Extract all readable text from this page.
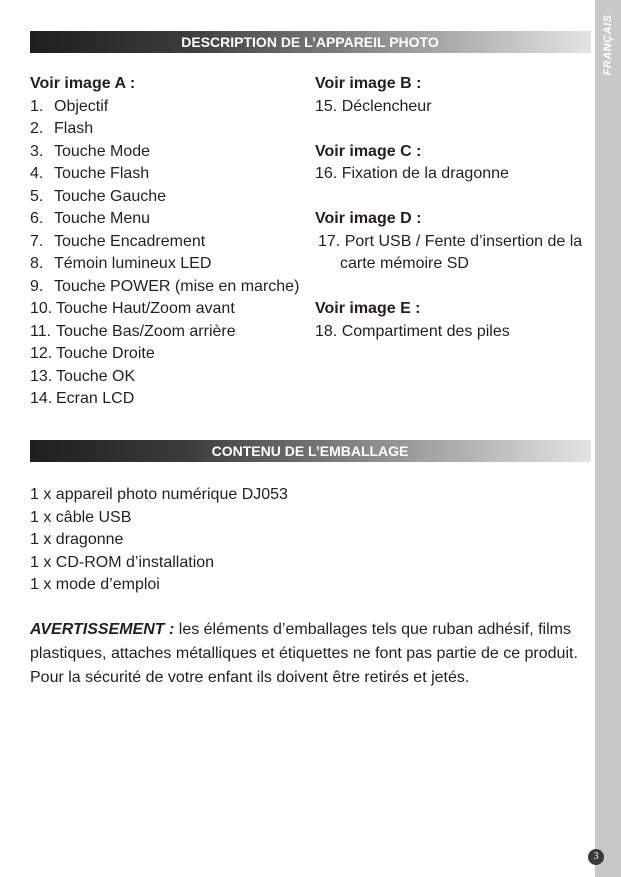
FRANÇAIS
3
DESCRIPTION DE L’APPAREIL PHOTO
Voir image A :
1. Objectif
2. Flash
3. Touche Mode
4. Touche Flash
5. Touche Gauche
6. Touche Menu
7. Touche Encadrement
8. Témoin lumineux LED
9. Touche POWER (mise en marche)
10. Touche Haut/Zoom avant
11. Touche Bas/Zoom arrière
12. Touche Droite
13. Touche OK
14. Ecran LCD
Voir image B :
15. Déclencheur
Voir image C :
16. Fixation de la dragonne
Voir image D :
17. Port USB / Fente d’insertion de la
carte mémoire SD
Voir image E :
18. Compartiment des piles
CONTENU DE L’EMBALLAGE
1 x appareil photo numérique DJ053
1 x câble USB
1 x dragonne
1 x CD-ROM d’installation
1 x mode d’emploi
AVERTISSEMENT : les éléments d’emballages tels que ruban adhésif, films plastiques, attaches métalliques et étiquettes ne font pas partie de ce produit. Pour la sécurité de votre enfant ils doivent être retirés et jetés.
